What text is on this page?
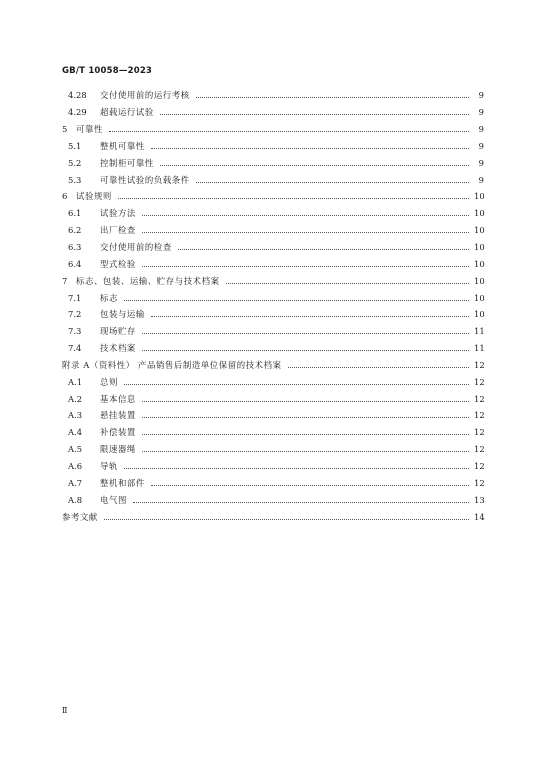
GB/T 10058—2023
4.28	交付使用前的运行考核	9
4.29	超载运行试验	9
5	可靠性	9
5.1	整机可靠性	9
5.2	控制柜可靠性	9
5.3	可靠性试验的负载条件	9
6	试验规则	10
6.1	试验方法	10
6.2	出厂检查	10
6.3	交付使用前的检查	10
6.4	型式检验	10
7	标志、包装、运输、贮存与技术档案	10
7.1	标志	10
7.2	包装与运输	10
7.3	现场贮存	11
7.4	技术档案	11
附录 A（资料性） 产品销售后制造单位保留的技术档案	12
A.1	总则	12
A.2	基本信息	12
A.3	悬挂装置	12
A.4	补偿装置	12
A.5	限速器绳	12
A.6	导轨	12
A.7	整机和部件	12
A.8	电气图	13
参考文献	14
Ⅱ
